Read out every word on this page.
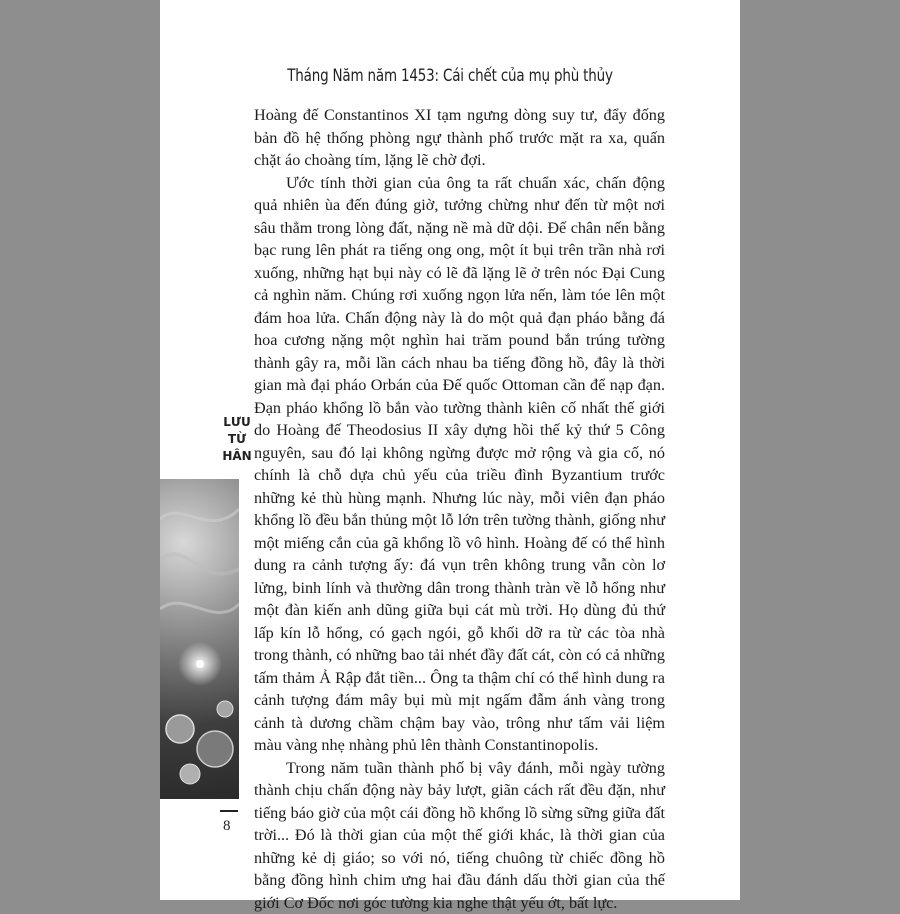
LƯU
TỪ
HÂN
8
Tháng Năm năm 1453: Cái chết của mụ phù thủy

Hoàng đế Constantinos XI tạm ngưng dòng suy tư, đẩy đống bản đồ hệ thống phòng ngự thành phố trước mặt ra xa, quấn chặt áo choàng tím, lặng lẽ chờ đợi.

Ước tính thời gian của ông ta rất chuẩn xác, chấn động quả nhiên ùa đến đúng giờ, tưởng chừng như đến từ một nơi sâu thẳm trong lòng đất, nặng nề mà dữ dội. Đế chân nến bằng bạc rung lên phát ra tiếng ong ong, một ít bụi trên trần nhà rơi xuống, những hạt bụi này có lẽ đã lặng lẽ ở trên nóc Đại Cung cả nghìn năm. Chúng rơi xuống ngọn lửa nến, làm tóe lên một đám hoa lửa. Chấn động này là do một quả đạn pháo bằng đá hoa cương nặng một nghìn hai trăm pound bắn trúng tường thành gây ra, mỗi lần cách nhau ba tiếng đồng hồ, đây là thời gian mà đại pháo Orbán của Đế quốc Ottoman cần để nạp đạn. Đạn pháo khổng lồ bắn vào tường thành kiên cố nhất thế giới do Hoàng đế Theodosius II xây dựng hồi thế kỷ thứ 5 Công nguyên, sau đó lại không ngừng được mở rộng và gia cố, nó chính là chỗ dựa chủ yếu của triều đình Byzantium trước những kẻ thù hùng mạnh. Nhưng lúc này, mỗi viên đạn pháo khổng lồ đều bắn thủng một lỗ lớn trên tường thành, giống như một miếng cắn của gã khổng lồ vô hình. Hoàng đế có thể hình dung ra cảnh tượng ấy: đá vụn trên không trung vẫn còn lơ lửng, binh lính và thường dân trong thành tràn về lỗ hổng như một đàn kiến anh dũng giữa bụi cát mù trời. Họ dùng đủ thứ lấp kín lỗ hổng, có gạch ngói, gỗ khối dỡ ra từ các tòa nhà trong thành, có những bao tải nhét đầy đất cát, còn có cả những tấm thảm Ả Rập đắt tiền... Ông ta thậm chí có thể hình dung ra cảnh tượng đám mây bụi mù mịt ngấm đẫm ánh vàng trong cảnh tà dương chầm chậm bay vào, trông như tấm vải liệm màu vàng nhẹ nhàng phủ lên thành Constantinopolis.

Trong năm tuần thành phố bị vây đánh, mỗi ngày tường thành chịu chấn động này bảy lượt, giãn cách rất đều đặn, như tiếng báo giờ của một cái đồng hồ khổng lồ sừng sững giữa đất trời... Đó là thời gian của một thế giới khác, là thời gian của những kẻ dị giáo; so với nó, tiếng chuông từ chiếc đồng hồ bằng đồng hình chim ưng hai đầu đánh dấu thời gian của thế giới Cơ Đốc nơi góc tường kia nghe thật yếu ớt, bất lực.
